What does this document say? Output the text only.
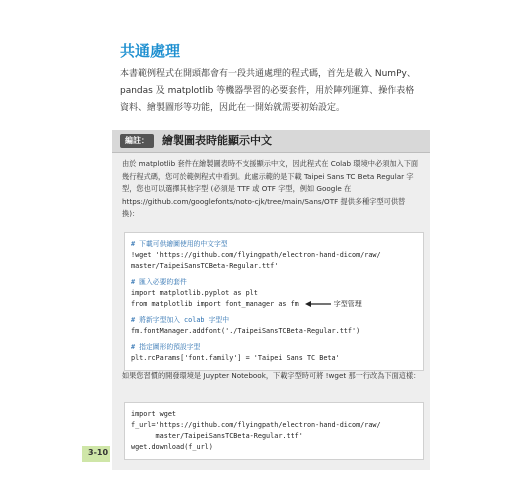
共通處理
本書範例程式在開頭都會有一段共通處理的程式碼，首先是載入 NumPy、pandas 及 matplotlib 等機器學習的必要套件，用於陣列運算、操作表格資料、繪製圖形等功能，因此在一開始就需要初始設定。
編註：	繪製圖表時能顯示中文
由於 matplotlib 套件在繪製圖表時不支援顯示中文，因此程式在 Colab 環境中必須加入下面幾行程式碼，您可於範例程式中看到。此處示範的是下載 Taipei Sans TC Beta Regular 字型，您也可以選擇其他字型 (必須是 TTF 或 OTF 字型，例如 Google 在 https://github.com/googlefonts/noto-cjk/tree/main/Sans/OTF 提供多種字型可供替換)：
# 下載可供繪圖使用的中文字型
!wget 'https://github.com/flyingpath/electron-hand-dicom/raw/
master/TaipeiSansTCBeta-Regular.ttf'
# 匯入必要的套件
import matplotlib.pyplot as plt
from matplotlib import font_manager as fm	字型管理
# 將新字型加入 colab 字型中
fm.fontManager.addfont('./TaipeiSansTCBeta-Regular.ttf')
# 指定圖形的預設字型
plt.rcParams['font.family'] = 'Taipei Sans TC Beta'
如果您習慣的開發環境是 Juypter Notebook，下載字型時可將 !wget 那一行改為下面這樣：
import wget
f_url='https://github.com/flyingpath/electron-hand-dicom/raw/
master/TaipeiSansTCBeta-Regular.ttf'
wget.download(f_url)
3-10
